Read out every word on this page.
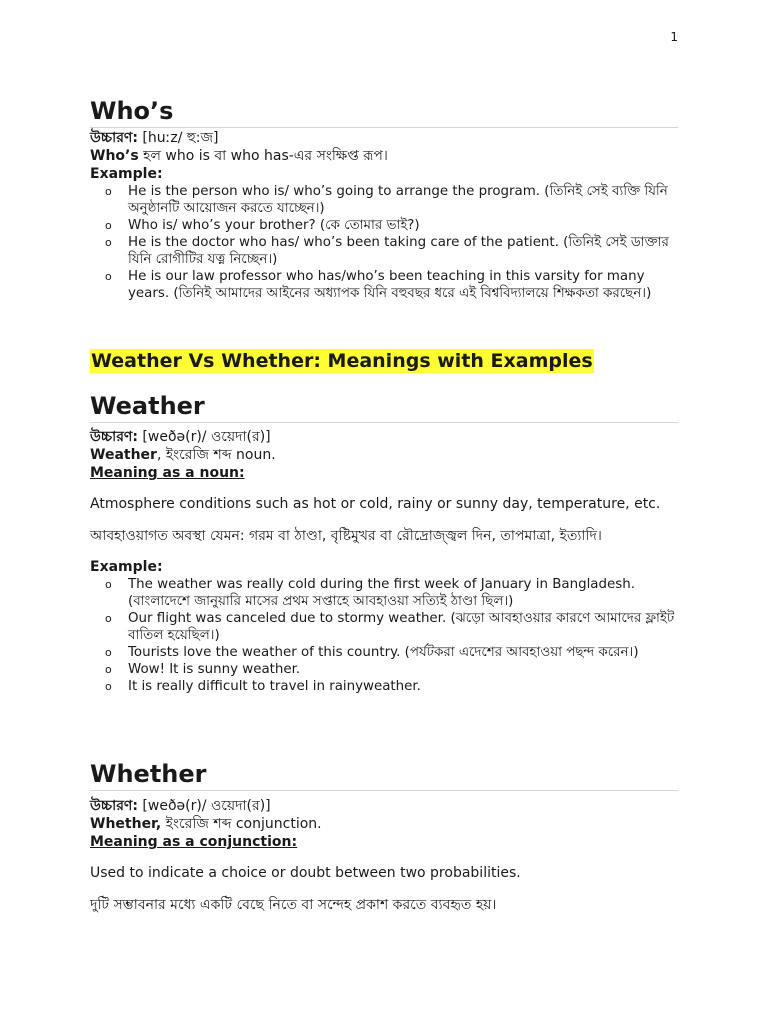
1
Who’s

উচ্চারণ: [huːz/ হু:জ]

Who’s হল who is বা who has-এর সংক্ষিপ্ত রূপ।

Example:

o He is the person who is/ who’s going to arrange the program. (তিনিই সেই ব্যক্তি যিনি অনুষ্ঠানটি আয়োজন করতে যাচ্ছেন।)
o Who is/ who’s your brother? (কে তোমার ভাই?)
o He is the doctor who has/ who’s been taking care of the patient. (তিনিই সেই ডাক্তার যিনি রোগীটির যত্ন নিচ্ছেন।)
o He is our law professor who has/who’s been teaching in this varsity for many years. (তিনিই আমাদের আইনের অধ্যাপক যিনি বহুবছর ধরে এই বিশ্ববিদ্যালয়ে শিক্ষকতা করছেন।)
Weather Vs Whether: Meanings with Examples
Weather

উচ্চারণ: [weðə(r)/ ওয়েদা(র)]

Weather, ইংরেজি শব্দ noun.

Meaning as a noun:

Atmosphere conditions such as hot or cold, rainy or sunny day, temperature, etc.

আবহাওয়াগত অবস্থা যেমন: গরম বা ঠাণ্ডা, বৃষ্টিমুখর বা রৌদ্রোজ্জ্বল দিন, তাপমাত্রা, ইত্যাদি।

Example:

o The weather was really cold during the first week of January in Bangladesh. (বাংলাদেশে জানুয়ারি মাসের প্রথম সপ্তাহে আবহাওয়া সত্যিই ঠাণ্ডা ছিল।)
o Our flight was canceled due to stormy weather. (ঝড়ো আবহাওয়ার কারণে আমাদের ফ্লাইট বাতিল হয়েছিল।)
o Tourists love the weather of this country. (পর্যটকরা এদেশের আবহাওয়া পছন্দ করেন।)
o Wow! It is sunny weather.
o It is really difficult to travel in rainyweather.
Whether

উচ্চারণ: [weðə(r)/ ওয়েদা(র)]

Whether, ইংরেজি শব্দ conjunction.

Meaning as a conjunction:

Used to indicate a choice or doubt between two probabilities.

দুটি সম্ভাবনার মধ্যে একটি বেছে নিতে বা সন্দেহ প্রকাশ করতে ব্যবহৃত হয়।
